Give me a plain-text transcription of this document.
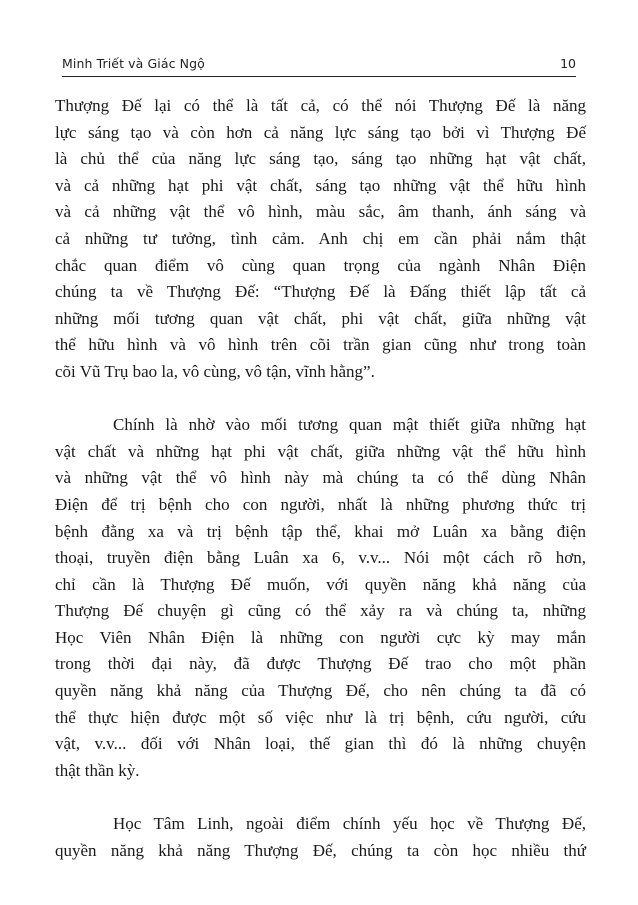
Minh Triết và Giác Ngộ	10

Thượng Đế lại có thể là tất cả, có thể nói Thượng Đế là năng
lực sáng tạo và còn hơn cả năng lực sáng tạo bởi vì Thượng Đế
là chủ thể của năng lực sáng tạo, sáng tạo những hạt vật chất,
và cả những hạt phi vật chất, sáng tạo những vật thể hữu hình
và cả những vật thể vô hình, màu sắc, âm thanh, ánh sáng và
cả những tư tưởng, tình cảm. Anh chị em cần phải nắm thật
chắc quan điểm vô cùng quan trọng của ngành Nhân Điện
chúng ta về Thượng Đế: “Thượng Đế là Đấng thiết lập tất cả
những mối tương quan vật chất, phi vật chất, giữa những vật
thể hữu hình và vô hình trên cõi trần gian cũng như trong toàn
cõi Vũ Trụ bao la, vô cùng, vô tận, vĩnh hằng”.

Chính là nhờ vào mối tương quan mật thiết giữa những hạt
vật chất và những hạt phi vật chất, giữa những vật thể hữu hình
và những vật thể vô hình này mà chúng ta có thể dùng Nhân
Điện để trị bệnh cho con người, nhất là những phương thức trị
bệnh đằng xa và trị bệnh tập thể, khai mở Luân xa bằng điện
thoại, truyền điện bằng Luân xa 6, v.v... Nói một cách rõ hơn,
chỉ cần là Thượng Đế muốn, với quyền năng khả năng của
Thượng Đế chuyện gì cũng có thể xảy ra và chúng ta, những
Học Viên Nhân Điện là những con người cực kỳ may mắn
trong thời đại này, đã được Thượng Đế trao cho một phần
quyền năng khả năng của Thượng Đế, cho nên chúng ta đã có
thể thực hiện được một số việc như là trị bệnh, cứu người, cứu
vật, v.v... đối với Nhân loại, thế gian thì đó là những chuyện
thật thần kỳ.

Học Tâm Linh, ngoài điểm chính yếu học về Thượng Đế,
quyền năng khả năng Thượng Đế, chúng ta còn học nhiều thứ
